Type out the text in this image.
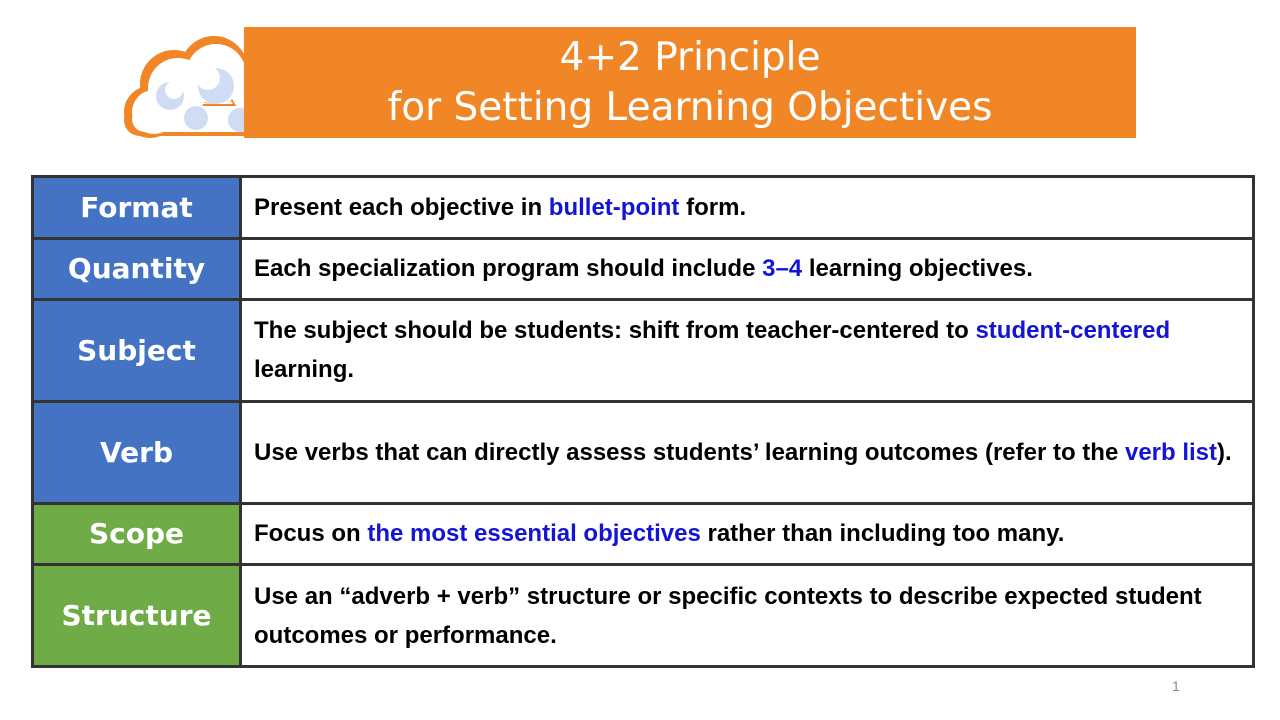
4+2 Principle
for Setting Learning Objectives
Format	Present each objective in bullet-point form.
Quantity	Each specialization program should include 3–4 learning objectives.
Subject	The subject should be students: shift from teacher-centered to student-centered learning.
Verb	Use verbs that can directly assess students’ learning outcomes (refer to the verb list).
Scope	Focus on the most essential objectives rather than including too many.
Structure	Use an “adverb + verb” structure or specific contexts to describe expected student outcomes or performance.
1
